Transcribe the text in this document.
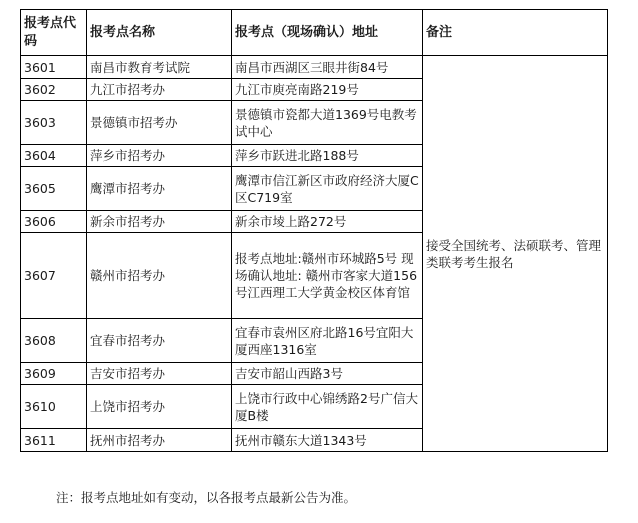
报考点代码	报考点名称	报考点（现场确认）地址	备注
3601	南昌市教育考试院	南昌市西湖区三眼井街84号	接受全国统考、法硕联考、管理类联考考生报名
3602	九江市招考办	九江市庾亮南路219号	
3603	景德镇市招考办	景德镇市瓷都大道1369号电教考试中心	
3604	萍乡市招考办	萍乡市跃进北路188号	
3605	鹰潭市招考办	鹰潭市信江新区市政府经济大厦C区C719室	
3606	新余市招考办	新余市堎上路272号	
3607	赣州市招考办	报考点地址:赣州市环城路5号 现场确认地址: 赣州市客家大道156号江西理工大学黄金校区体育馆	
3608	宜春市招考办	宜春市袁州区府北路16号宜阳大厦西座1316室	
3609	吉安市招考办	吉安市韶山西路3号	
3610	上饶市招考办	上饶市行政中心锦绣路2号广信大厦B楼	
3611	抚州市招考办	抚州市赣东大道1343号	
注：报考点地址如有变动，以各报考点最新公告为准。
